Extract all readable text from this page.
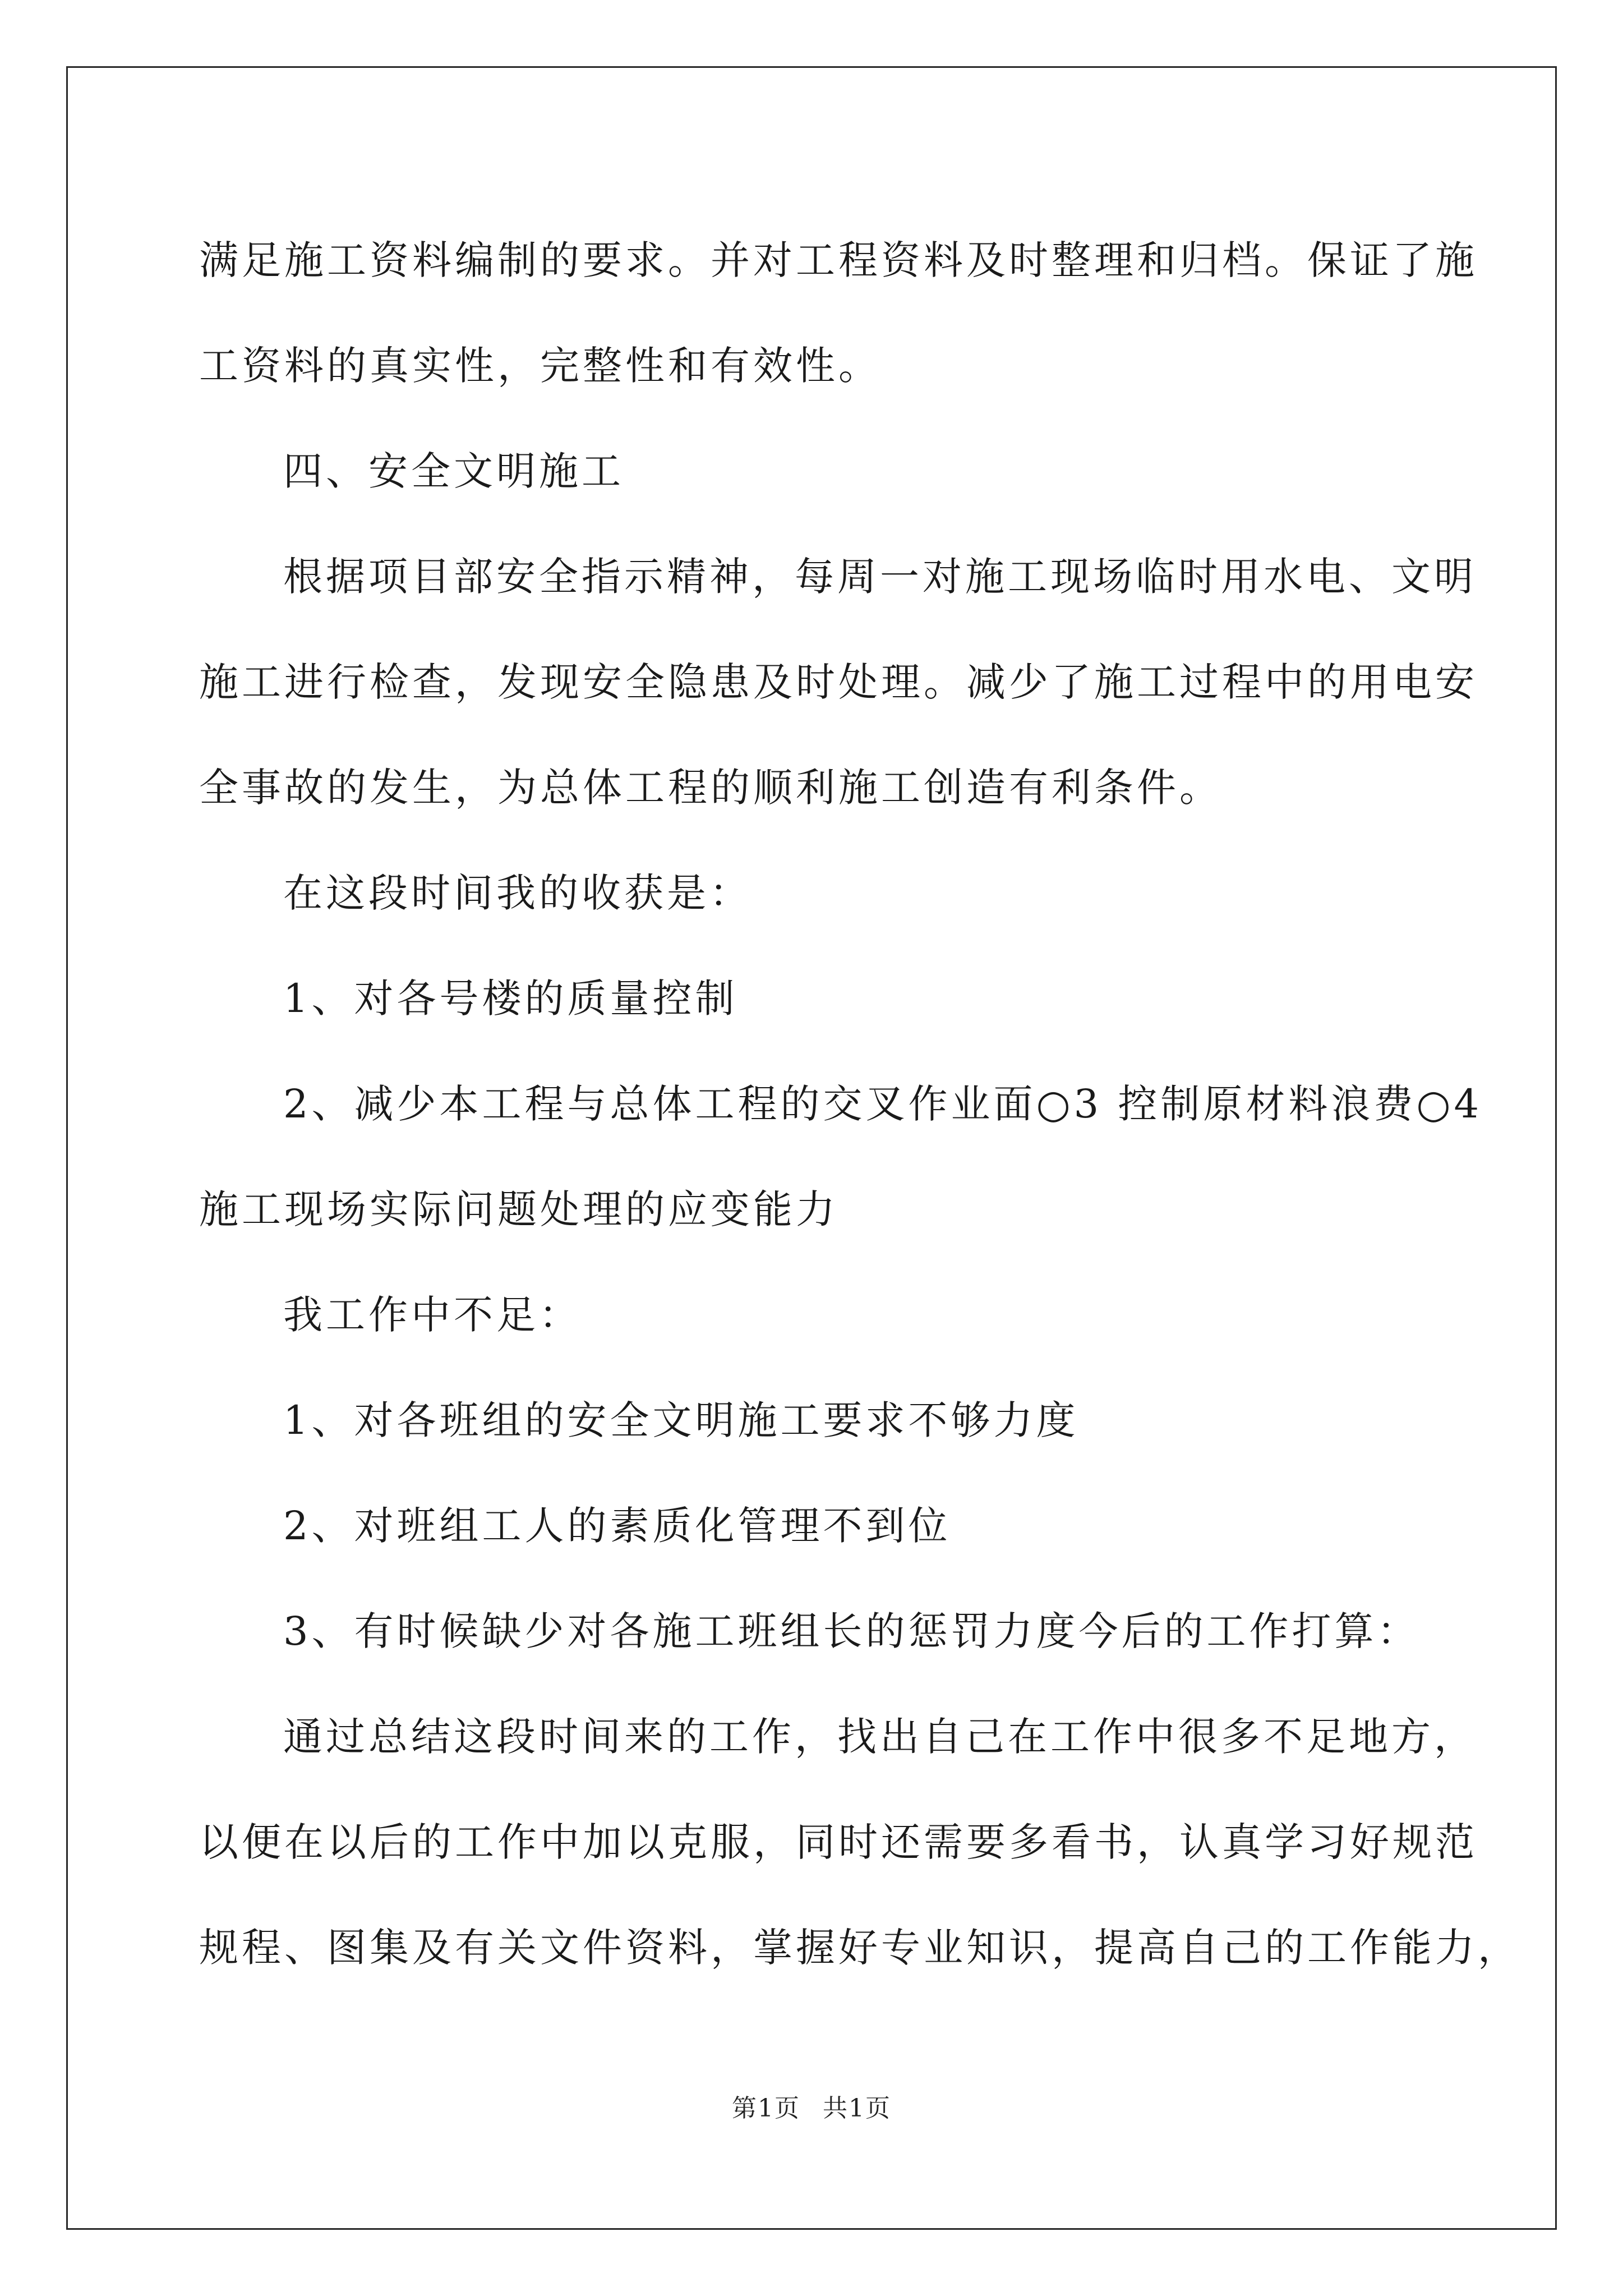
满足施工资料编制的要求。并对工程资料及时整理和归档。保证了施

工资料的真实性，完整性和有效性。

四、安全文明施工

根据项目部安全指示精神，每周一对施工现场临时用水电、文明

施工进行检查，发现安全隐患及时处理。减少了施工过程中的用电安

全事故的发生，为总体工程的顺利施工创造有利条件。

在这段时间我的收获是：

1、对各号楼的质量控制

2、减少本工程与总体工程的交叉作业面○3 控制原材料浪费○4

施工现场实际问题处理的应变能力

我工作中不足：

1、对各班组的安全文明施工要求不够力度

2、对班组工人的素质化管理不到位

3、有时候缺少对各施工班组长的惩罚力度今后的工作打算：

通过总结这段时间来的工作，找出自己在工作中很多不足地方，

以便在以后的工作中加以克服，同时还需要多看书，认真学习好规范

规程、图集及有关文件资料，掌握好专业知识，提高自己的工作能力，

第1页 共1页
